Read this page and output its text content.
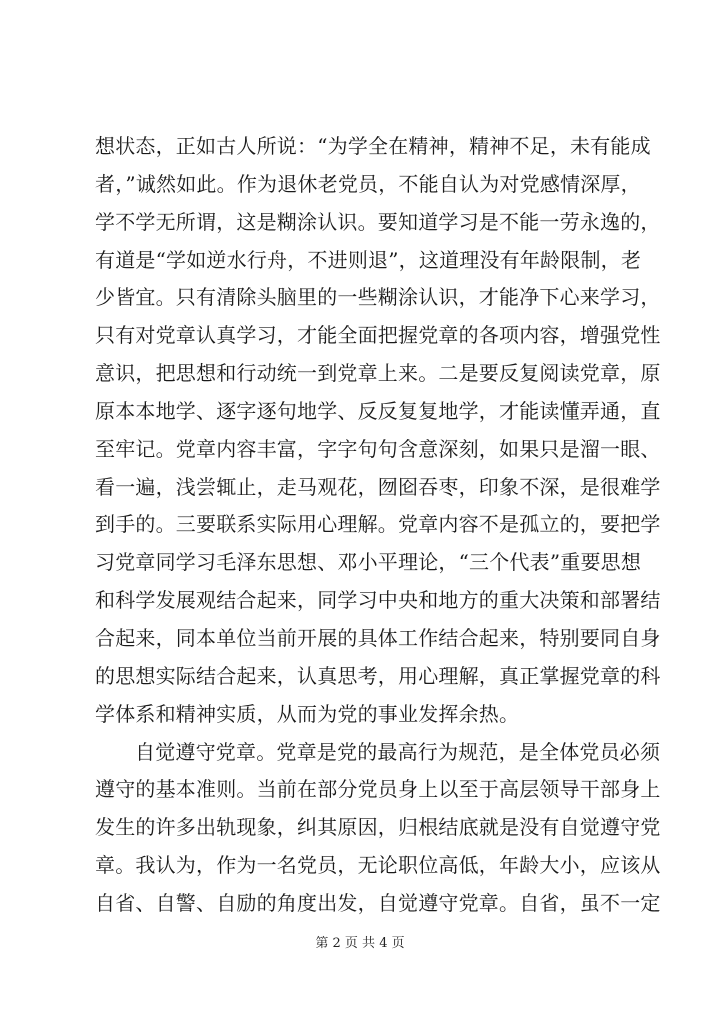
想状态，正如古人所说：“为学全在精神，精神不足，未有能成
者，”诚然如此。作为退休老党员，不能自认为对党感情深厚，
学不学无所谓，这是糊涂认识。要知道学习是不能一劳永逸的，
有道是“学如逆水行舟，不进则退”，这道理没有年龄限制，老
少皆宜。只有清除头脑里的一些糊涂认识，才能净下心来学习，
只有对党章认真学习，才能全面把握党章的各项内容，增强党性
意识，把思想和行动统一到党章上来。二是要反复阅读党章，原
原本本地学、逐字逐句地学、反反复复地学，才能读懂弄通，直
至牢记。党章内容丰富，字字句句含意深刻，如果只是溜一眼、
看一遍，浅尝辄止，走马观花，囫囵吞枣，印象不深，是很难学
到手的。三要联系实际用心理解。党章内容不是孤立的，要把学
习党章同学习毛泽东思想、邓小平理论，“三个代表”重要思想
和科学发展观结合起来，同学习中央和地方的重大决策和部署结
合起来，同本单位当前开展的具体工作结合起来，特别要同自身
的思想实际结合起来，认真思考，用心理解，真正掌握党章的科
学体系和精神实质，从而为党的事业发挥余热。
自觉遵守党章。党章是党的最高行为规范，是全体党员必须
遵守的基本准则。当前在部分党员身上以至于高层领导干部身上
发生的许多出轨现象，纠其原因，归根结底就是没有自觉遵守党
章。我认为，作为一名党员，无论职位高低，年龄大小，应该从
自省、自警、自励的角度出发，自觉遵守党章。自省，虽不一定
第 2 页 共 4 页
